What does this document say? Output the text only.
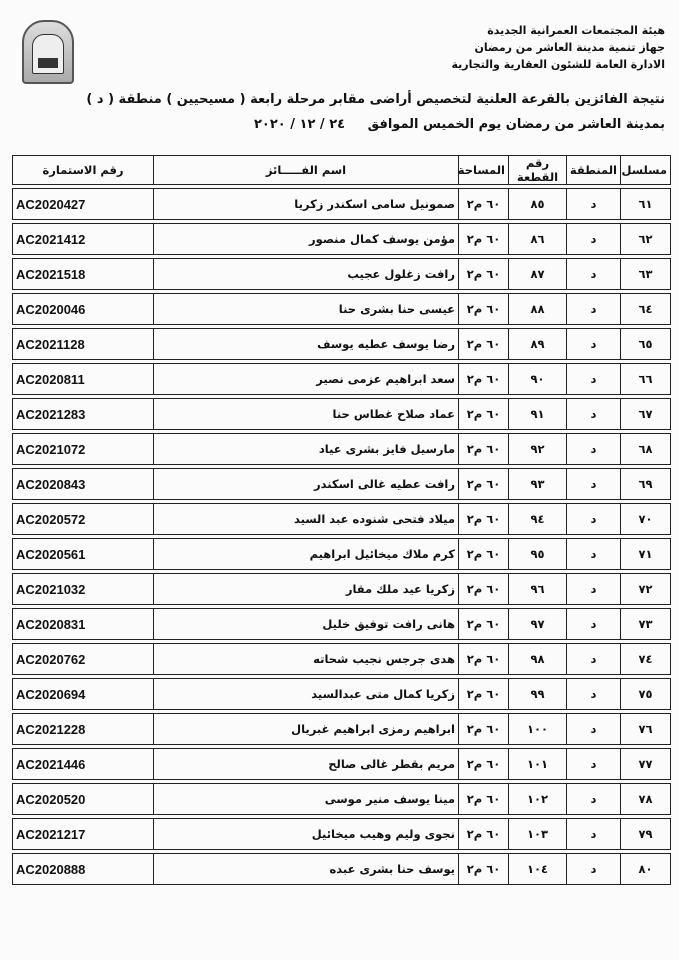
هيئة المجتمعات العمرانية الجديدة
جهاز تنمية مدينة العاشر من رمضان
الادارة العامة للشئون العقارية والتجارية
نتيجة الفائزين بالقرعة العلنية لتخصيص أراضى مقابر مرحلة رابعة ( مسيحيين ) منطقة ( د )
بمدينة العاشر من رمضان يوم الخميس الموافق ٢٤ / ١٢ / ٢٠٢٠
مسلسل	المنطقة	رقم القطعة	المساحة	اسم الفـــــائز	رقم الاستمارة

٦١	د	٨٥	٦٠ م٢	صمونيل سامى اسكندر زكريا	AC2020427

٦٢	د	٨٦	٦٠ م٢	مؤمن يوسف كمال منصور	AC2021412

٦٣	د	٨٧	٦٠ م٢	رافت زغلول عجيب	AC2021518

٦٤	د	٨٨	٦٠ م٢	عيسى حنا بشرى حنا	AC2020046

٦٥	د	٨٩	٦٠ م٢	رضا يوسف عطيه يوسف	AC2021128

٦٦	د	٩٠	٦٠ م٢	سعد ابراهيم عزمى نصير	AC2020811

٦٧	د	٩١	٦٠ م٢	عماد صلاح غطاس حنا	AC2021283

٦٨	د	٩٢	٦٠ م٢	مارسيل فايز بشرى عياد	AC2021072

٦٩	د	٩٣	٦٠ م٢	رافت عطيه غالى اسكندر	AC2020843

٧٠	د	٩٤	٦٠ م٢	ميلاد فتحى شنوده عبد السيد	AC2020572

٧١	د	٩٥	٦٠ م٢	كرم ملاك ميخائيل ابراهيم	AC2020561

٧٢	د	٩٦	٦٠ م٢	زكريا عيد ملك مقار	AC2021032

٧٣	د	٩٧	٦٠ م٢	هانى رافت توفيق خليل	AC2020831

٧٤	د	٩٨	٦٠ م٢	هدى جرجس نجيب شحاته	AC2020762

٧٥	د	٩٩	٦٠ م٢	زكريا كمال متى عبدالسيد	AC2020694

٧٦	د	١٠٠	٦٠ م٢	ابراهيم رمزى ابراهيم غبريال	AC2021228

٧٧	د	١٠١	٦٠ م٢	مريم بقطر غالى صالح	AC2021446

٧٨	د	١٠٢	٦٠ م٢	مينا يوسف منير موسى	AC2020520

٧٩	د	١٠٣	٦٠ م٢	نجوى وليم وهيب ميخائيل	AC2021217

٨٠	د	١٠٤	٦٠ م٢	يوسف حنا بشرى عبده	AC2020888
